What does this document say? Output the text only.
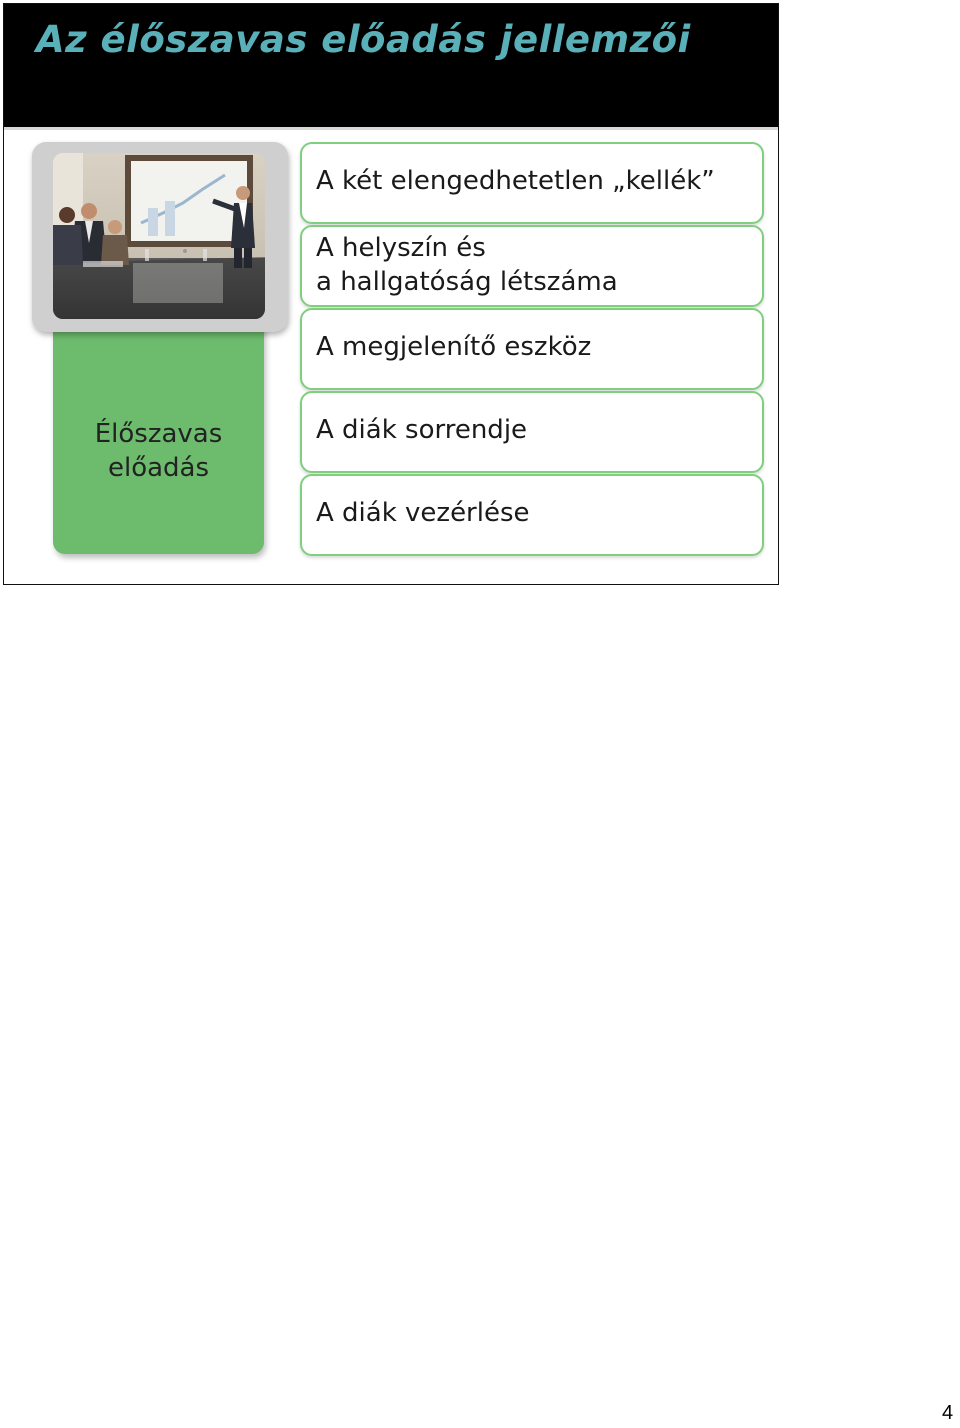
Az élőszavas előadás jellemzői
Élőszavas
előadás
A két elengedhetetlen „kellék”
A helyszín és
a hallgatóság létszáma
A megjelenítő eszköz
A diák sorrendje
A diák vezérlése
4
